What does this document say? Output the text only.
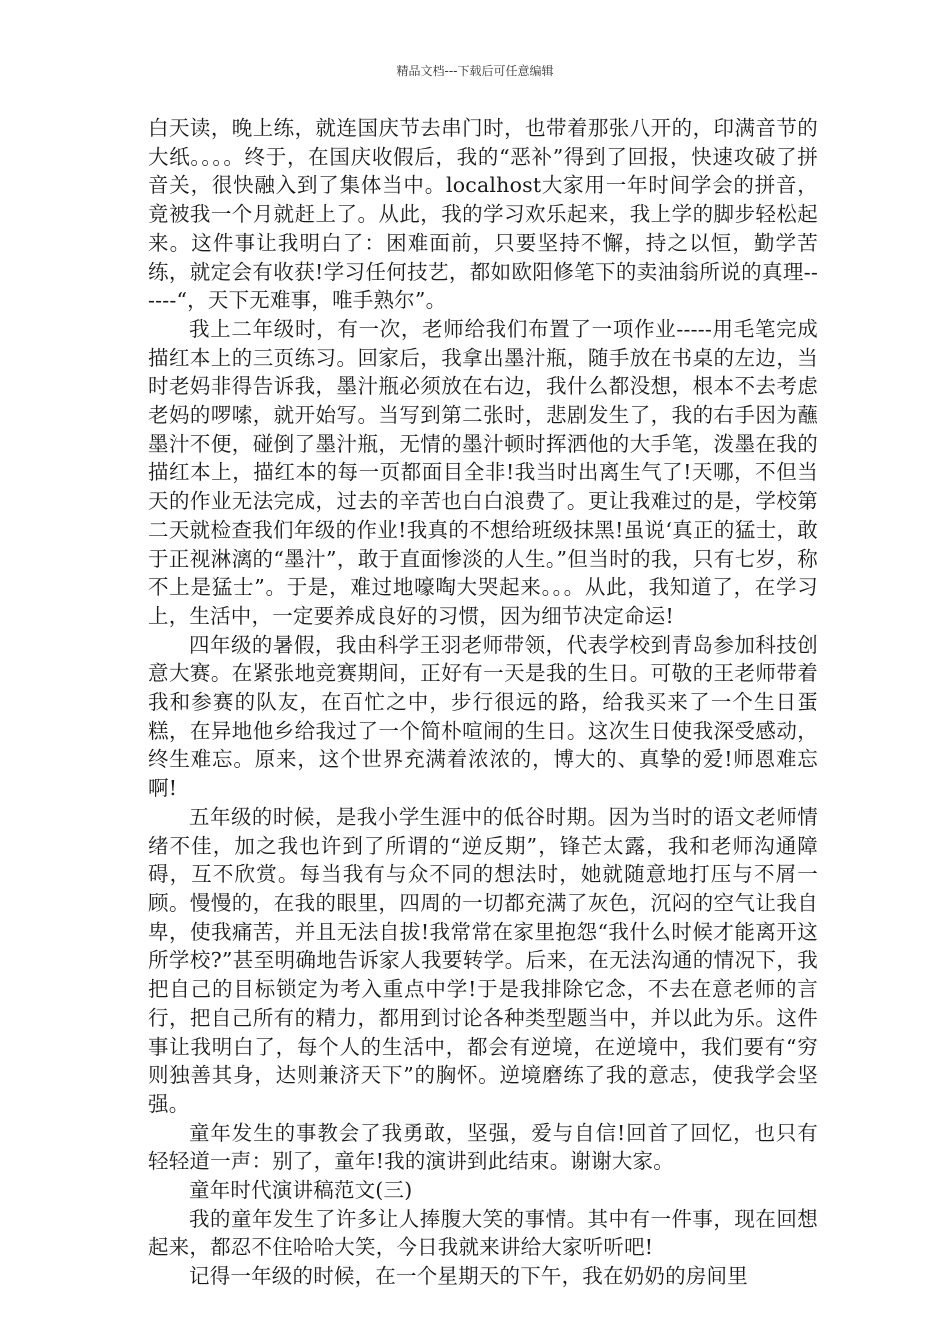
精品文档---下载后可任意编辑

白天读，晚上练，就连国庆节去串门时，也带着那张八开的，印满音节的大纸。。。。终于，在国庆收假后，我的“恶补”得到了回报，快速攻破了拼音关，很快融入到了集体当中。localhost大家用一年时间学会的拼音，竟被我一个月就赶上了。从此，我的学习欢乐起来，我上学的脚步轻松起来。这件事让我明白了：困难面前，只要坚持不懈，持之以恒，勤学苦练，就定会有收获!学习任何技艺，都如欧阳修笔下的卖油翁所说的真理------“，天下无难事，唯手熟尔”。

我上二年级时，有一次，老师给我们布置了一项作业-----用毛笔完成描红本上的三页练习。回家后，我拿出墨汁瓶，随手放在书桌的左边，当时老妈非得告诉我，墨汁瓶必须放在右边，我什么都没想，根本不去考虑老妈的啰嗦，就开始写。当写到第二张时，悲剧发生了，我的右手因为蘸墨汁不便，碰倒了墨汁瓶，无情的墨汁顿时挥洒他的大手笔，泼墨在我的描红本上，描红本的每一页都面目全非!我当时出离生气了!天哪，不但当天的作业无法完成，过去的辛苦也白白浪费了。更让我难过的是，学校第二天就检查我们年级的作业!我真的不想给班级抹黑!虽说‘真正的猛士，敢于正视淋漓的“墨汁”，敢于直面惨淡的人生。”但当时的我，只有七岁，称不上是猛士”。于是，难过地嚎啕大哭起来。。。从此，我知道了，在学习上，生活中，一定要养成良好的习惯，因为细节决定命运!

四年级的暑假，我由科学王羽老师带领，代表学校到青岛参加科技创意大赛。在紧张地竞赛期间，正好有一天是我的生日。可敬的王老师带着我和参赛的队友，在百忙之中，步行很远的路，给我买来了一个生日蛋糕，在异地他乡给我过了一个简朴喧闹的生日。这次生日使我深受感动，终生难忘。原来，这个世界充满着浓浓的，博大的、真挚的爱!师恩难忘啊!

五年级的时候，是我小学生涯中的低谷时期。因为当时的语文老师情绪不佳，加之我也许到了所谓的“逆反期”，锋芒太露，我和老师沟通障碍，互不欣赏。每当我有与众不同的想法时，她就随意地打压与不屑一顾。慢慢的，在我的眼里，四周的一切都充满了灰色，沉闷的空气让我自卑，使我痛苦，并且无法自拔!我常常在家里抱怨“我什么时候才能离开这所学校?”甚至明确地告诉家人我要转学。后来，在无法沟通的情况下，我把自己的目标锁定为考入重点中学!于是我排除它念，不去在意老师的言行，把自己所有的精力，都用到讨论各种类型题当中，并以此为乐。这件事让我明白了，每个人的生活中，都会有逆境，在逆境中，我们要有“穷则独善其身，达则兼济天下”的胸怀。逆境磨练了我的意志，使我学会坚强。

童年发生的事教会了我勇敢，坚强，爱与自信!回首了回忆，也只有轻轻道一声：别了，童年!我的演讲到此结束。谢谢大家。

童年时代演讲稿范文(三)

我的童年发生了许多让人捧腹大笑的事情。其中有一件事，现在回想起来，都忍不住哈哈大笑，今日我就来讲给大家听听吧!

记得一年级的时候，在一个星期天的下午，我在奶奶的房间里
